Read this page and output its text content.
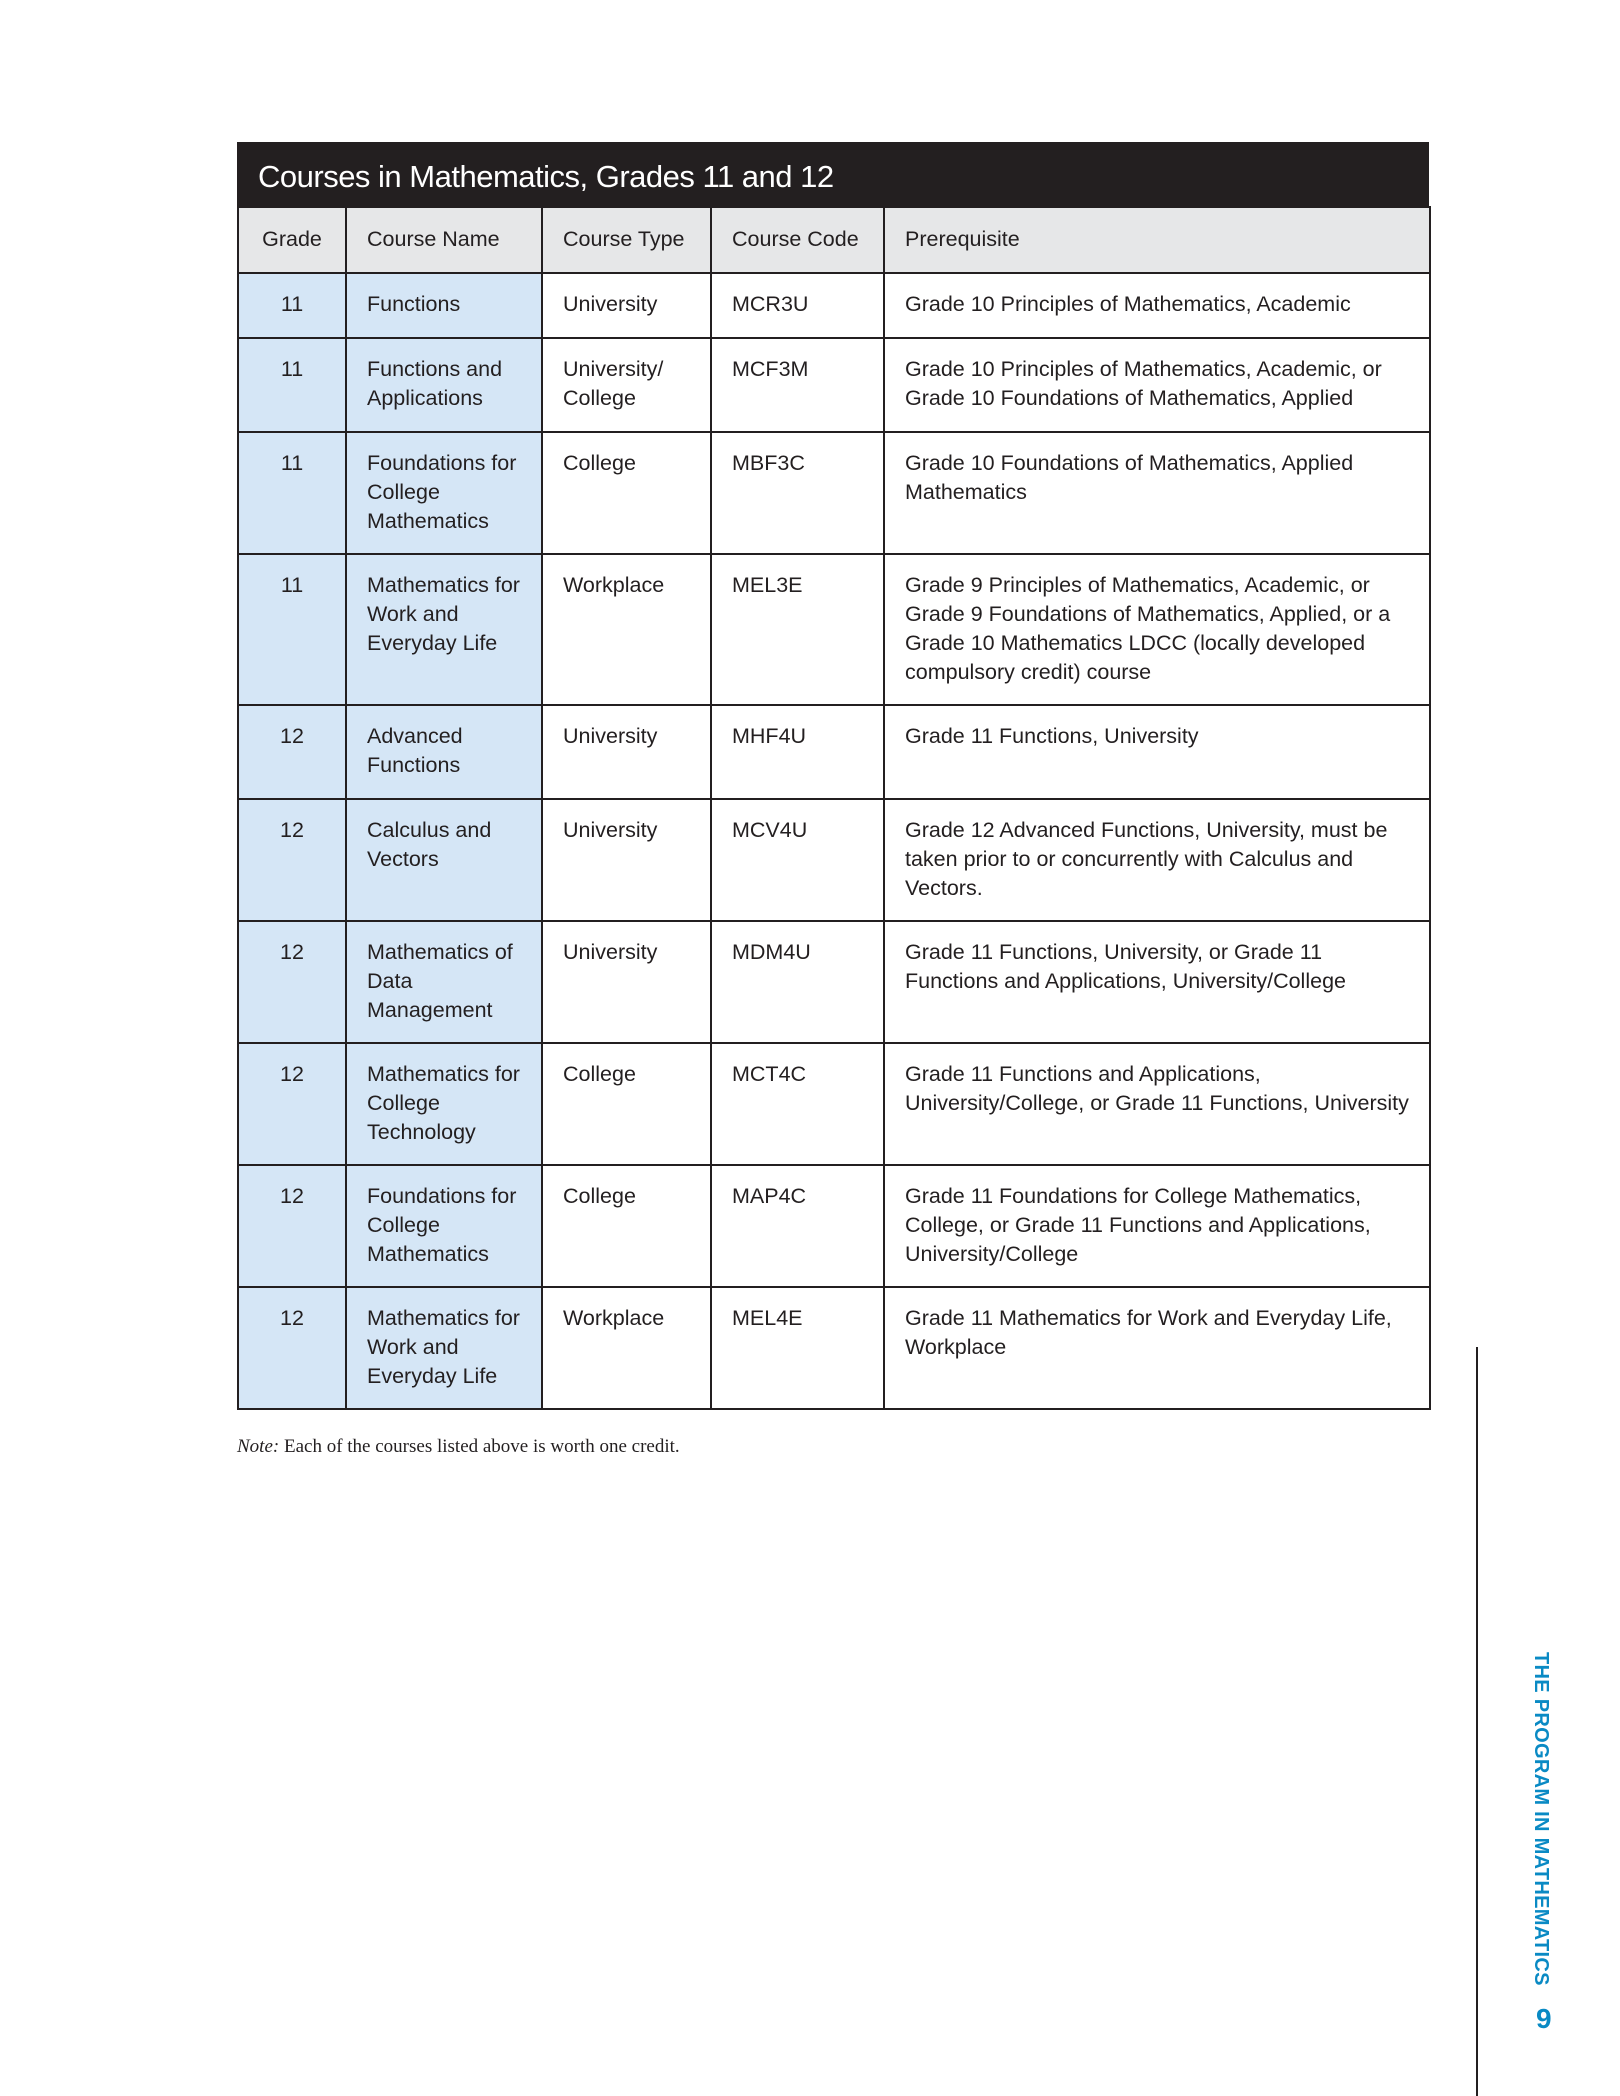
Courses in Mathematics, Grades 11 and 12
Grade	Course Name	Course Type	Course Code	Prerequisite
11	Functions	University	MCR3U	Grade 10 Principles of Mathematics, Academic
11	Functions and Applications	University/ College	MCF3M	Grade 10 Principles of Mathematics, Academic, or Grade 10 Foundations of Mathematics, Applied
11	Foundations for College Mathematics	College	MBF3C	Grade 10 Foundations of Mathematics, Applied Mathematics
11	Mathematics for Work and Everyday Life	Workplace	MEL3E	Grade 9 Principles of Mathematics, Academic, or Grade 9 Foundations of Mathematics, Applied, or a Grade 10 Mathematics LDCC (locally developed compulsory credit) course
12	Advanced Functions	University	MHF4U	Grade 11 Functions, University
12	Calculus and Vectors	University	MCV4U	Grade 12 Advanced Functions, University, must be taken prior to or concurrently with Calculus and Vectors.
12	Mathematics of Data Management	University	MDM4U	Grade 11 Functions, University, or Grade 11 Functions and Applications, University/College
12	Mathematics for College Technology	College	MCT4C	Grade 11 Functions and Applications, University/College, or Grade 11 Functions, University
12	Foundations for College Mathematics	College	MAP4C	Grade 11 Foundations for College Mathematics, College, or Grade 11 Functions and Applications, University/College
12	Mathematics for Work and Everyday Life	Workplace	MEL4E	Grade 11 Mathematics for Work and Everyday Life, Workplace
Note: Each of the courses listed above is worth one credit.
THE PROGRAM IN MATHEMATICS
9
